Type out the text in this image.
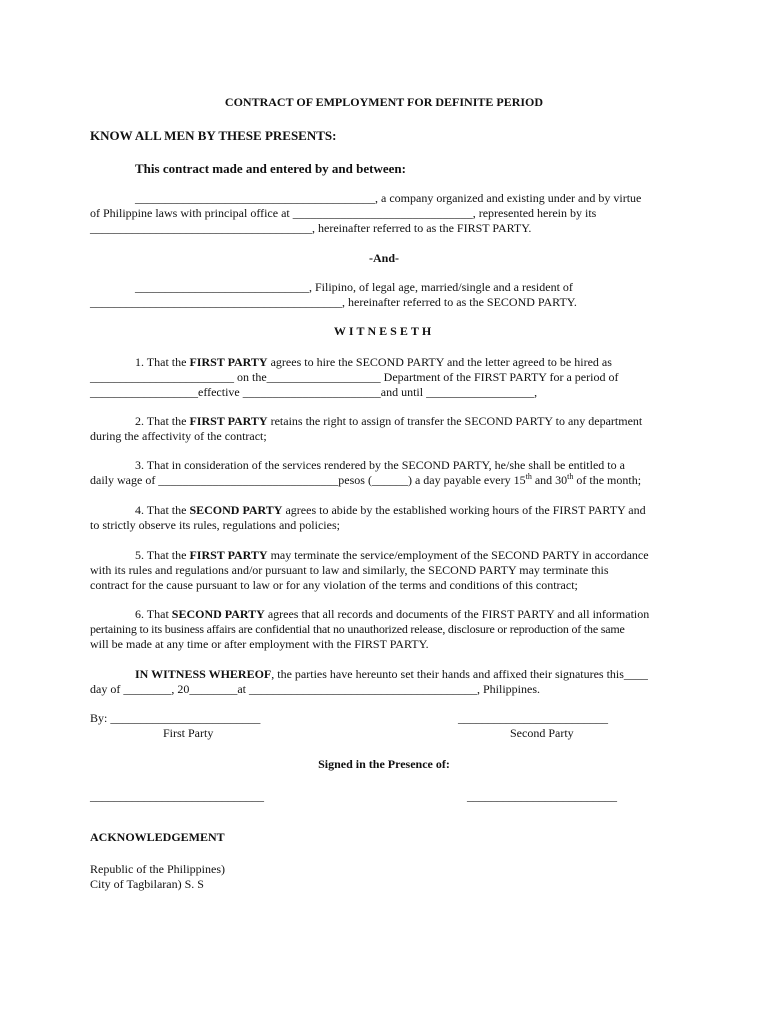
CONTRACT OF EMPLOYMENT FOR DEFINITE PERIOD
KNOW ALL MEN BY THESE PRESENTS:
This contract made and entered by and between:
________________________________________, a company organized and existing under and by virtue
of Philippine laws with principal office at ______________________________, represented herein by its
_____________________________________, hereinafter referred to as the FIRST PARTY.
-And-
_____________________________, Filipino, of legal age, married/single and a resident of
__________________________________________, hereinafter referred to as the SECOND PARTY.
WITNESETH
1. That the FIRST PARTY agrees to hire the SECOND PARTY and the letter agreed to be hired as
________________________ on the___________________ Department of the FIRST PARTY for a period of
__________________effective _______________________and until __________________,
2. That the FIRST PARTY retains the right to assign of transfer the SECOND PARTY to any department
during the affectivity of the contract;
3. That in consideration of the services rendered by the SECOND PARTY, he/she shall be entitled to a
daily wage of ______________________________pesos (______) a day payable every 15th and 30th of the month;
4. That the SECOND PARTY agrees to abide by the established working hours of the FIRST PARTY and
to strictly observe its rules, regulations and policies;
5. That the FIRST PARTY may terminate the service/employment of the SECOND PARTY in accordance
with its rules and regulations and/or pursuant to law and similarly, the SECOND PARTY may terminate this
contract for the cause pursuant to law or for any violation of the terms and conditions of this contract;
6. That SECOND PARTY agrees that all records and documents of the FIRST PARTY and all information
pertaining to its business affairs are confidential that no unauthorized release, disclosure or reproduction of the same
will be made at any time or after employment with the FIRST PARTY.
IN WITNESS WHEREOF, the parties have hereunto set their hands and affixed their signatures this____
day of ________, 20________at ______________________________________, Philippines.
By: _________________________
First Party
_________________________
Second Party
Signed in the Presence of:
_____________________________	_________________________
ACKNOWLEDGEMENT
Republic of the Philippines)
City of Tagbilaran) S. S
